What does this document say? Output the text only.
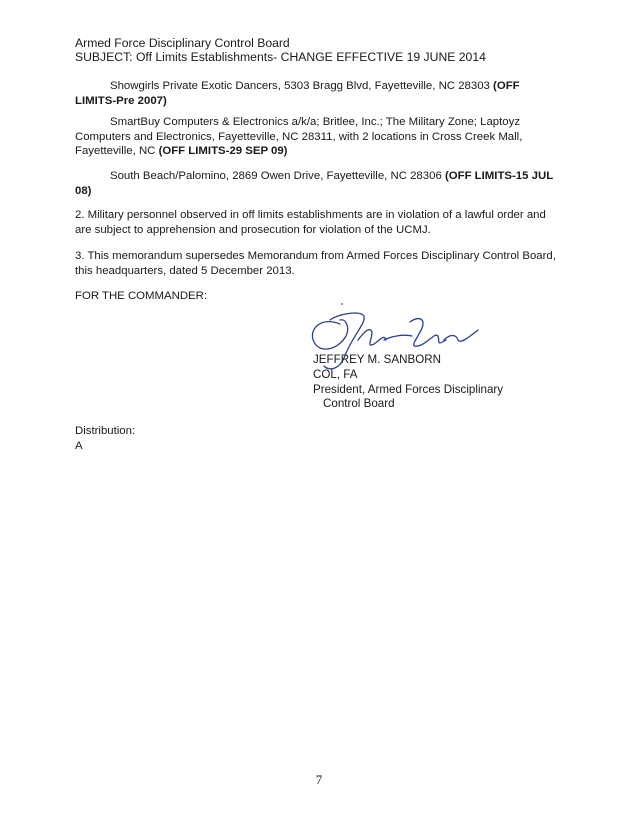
Armed Force Disciplinary Control Board
SUBJECT: Off Limits Establishments- CHANGE EFFECTIVE 19 JUNE 2014
Showgirls Private Exotic Dancers, 5303 Bragg Blvd, Fayetteville, NC 28303 (OFF LIMITS-Pre 2007)
SmartBuy Computers & Electronics a/k/a; Britlee, Inc.; The Military Zone; Laptoyz Computers and Electronics, Fayetteville, NC 28311, with 2 locations in Cross Creek Mall, Fayetteville, NC (OFF LIMITS-29 SEP 09)
South Beach/Palomino, 2869 Owen Drive, Fayetteville, NC 28306 (OFF LIMITS-15 JUL 08)
2. Military personnel observed in off limits establishments are in violation of a lawful order and are subject to apprehension and prosecution for violation of the UCMJ.
3. This memorandum supersedes Memorandum from Armed Forces Disciplinary Control Board, this headquarters, dated 5 December 2013.
FOR THE COMMANDER:
JEFFREY M. SANBORN
COL, FA
President, Armed Forces Disciplinary
Control Board
Distribution:
A
7
